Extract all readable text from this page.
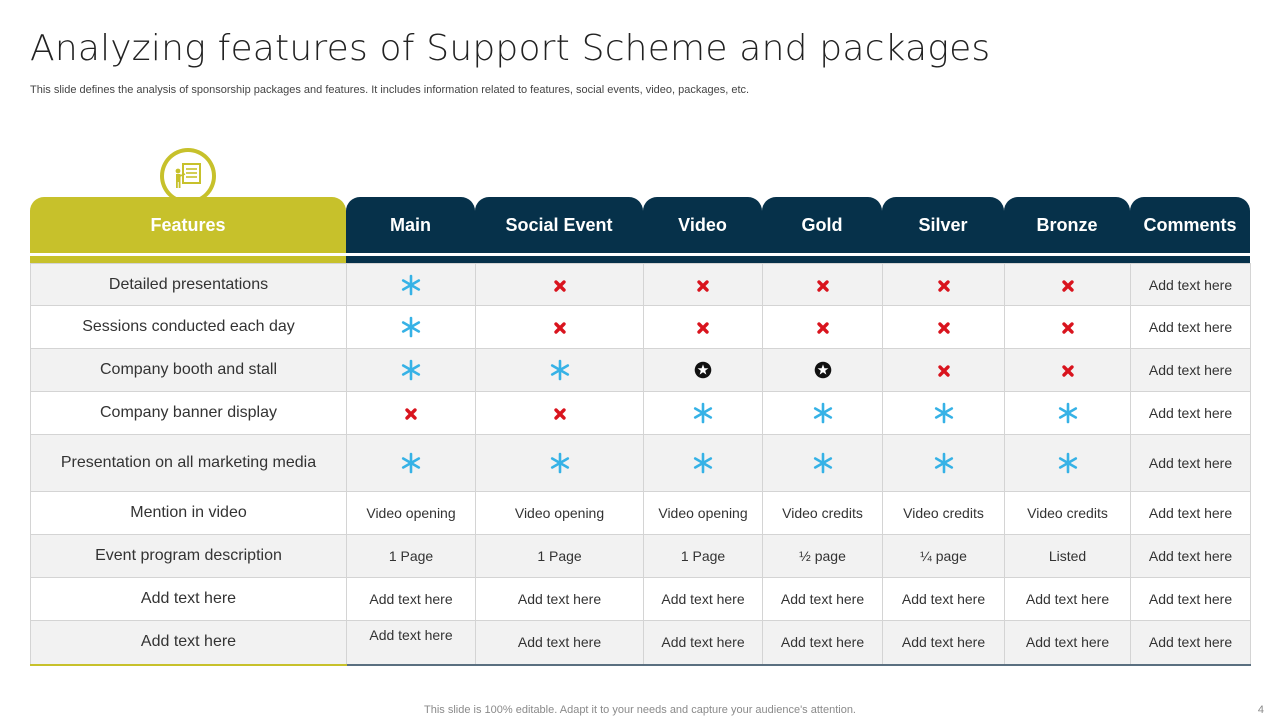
Analyzing features of Support Scheme and packages
This slide defines the analysis of sponsorship packages and features. It includes information related to features, social events, video, packages, etc.
Features	Main	Social Event	Video	Gold	Silver	Bronze	Comments
Detailed presentations							Add text here
Sessions conducted each day							Add text here
Company booth and stall							Add text here
Company banner display							Add text here
Presentation on all marketing media							Add text here
Mention in video	Video opening	Video opening	Video opening	Video credits	Video credits	Video credits	Add text here
Event program description	1 Page	1 Page	1 Page	½ page	¼ page	Listed	Add text here
Add text here	Add text here	Add text here	Add text here	Add text here	Add text here	Add text here	Add text here
Add text here	Add text here	Add text here	Add text here	Add text here	Add text here	Add text here	Add text here
This slide is 100% editable. Adapt it to your needs and capture your audience's attention.	4
